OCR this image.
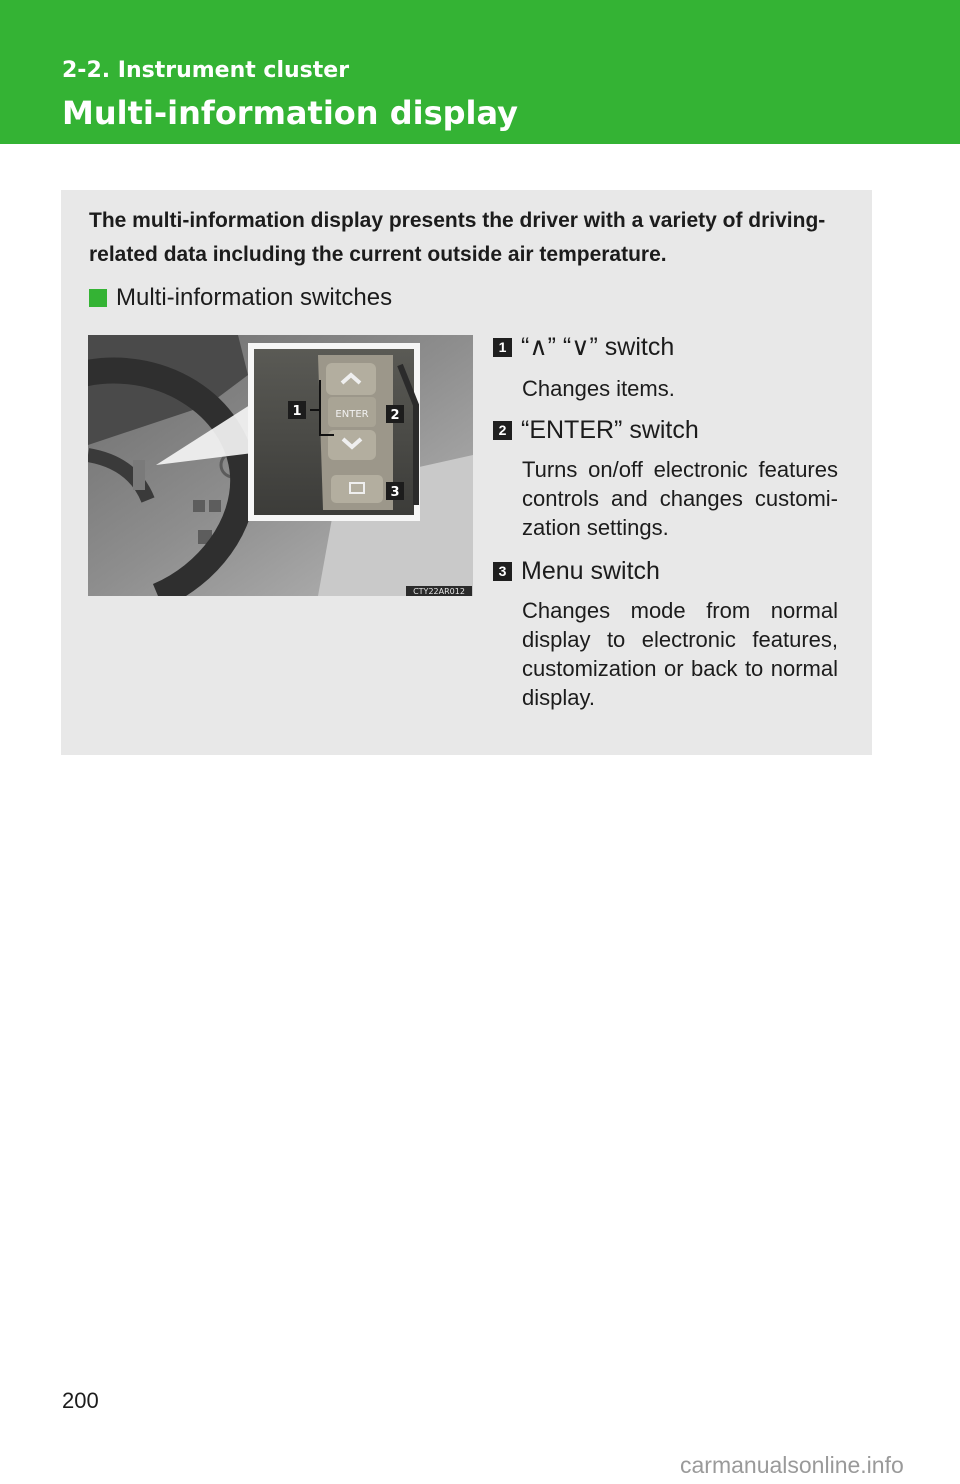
2-2. Instrument cluster
Multi-information display
The multi-information display presents the driver with a variety of driving-related data including the current outside air temperature.
Multi-information switches
ENTER
1	2
3
CTY22AR012
1 “∧” “∨” switch
Changes items.
2 “ENTER” switch
Turns on/off electronic features controls and changes customi-zation settings.
3 Menu switch
Changes mode from normal display to electronic features, customization or back to normal display.
200
carmanualsonline.info
